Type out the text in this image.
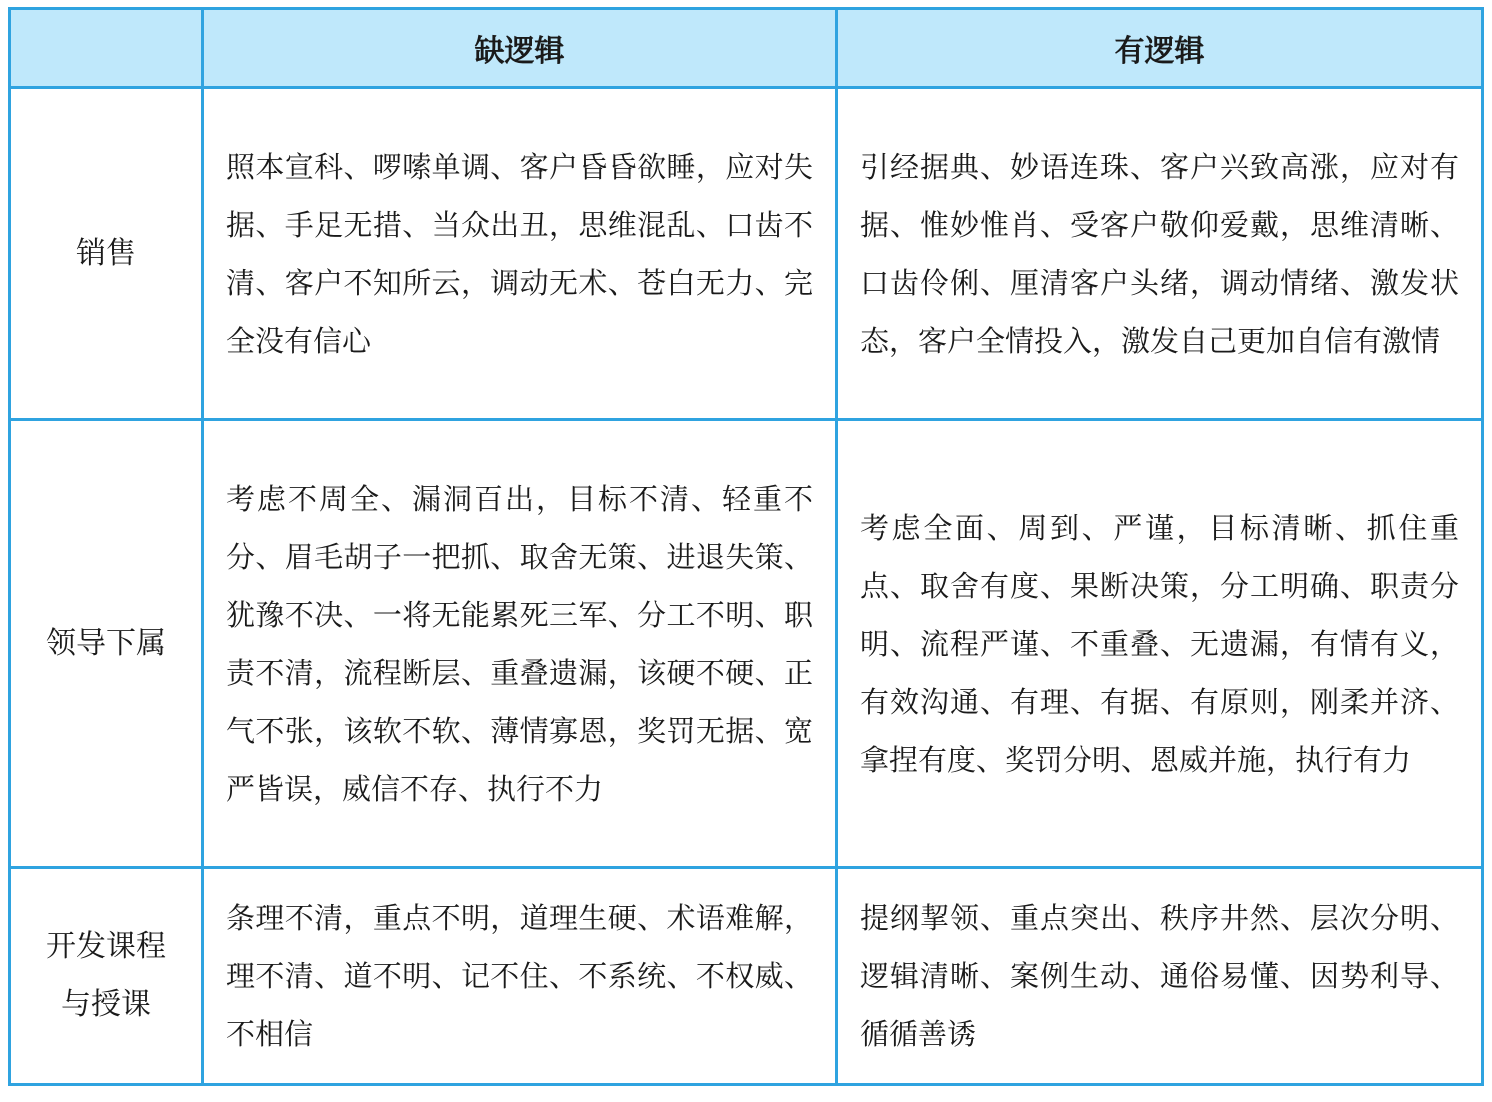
	缺逻辑	有逻辑
销售	照本宣科、啰嗦单调、客户昏昏欲睡，应对失据、手足无措、当众出丑，思维混乱、口齿不清、客户不知所云，调动无术、苍白无力、完全没有信心	引经据典、妙语连珠、客户兴致高涨，应对有据、惟妙惟肖、受客户敬仰爱戴，思维清晰、口齿伶俐、厘清客户头绪，调动情绪、激发状态，客户全情投入，激发自己更加自信有激情
领导下属	考虑不周全、漏洞百出，目标不清、轻重不分、眉毛胡子一把抓、取舍无策、进退失策、犹豫不决、一将无能累死三军、分工不明、职责不清，流程断层、重叠遗漏，该硬不硬、正气不张，该软不软、薄情寡恩，奖罚无据、宽严皆误，威信不存、执行不力	考虑全面、周到、严谨，目标清晰、抓住重点、取舍有度、果断决策，分工明确、职责分明、流程严谨、不重叠、无遗漏，有情有义，有效沟通、有理、有据、有原则，刚柔并济、拿捏有度、奖罚分明、恩威并施，执行有力

开发课程
与授课	条理不清，重点不明，道理生硬、术语难解，理不清、道不明、记不住、不系统、不权威、不相信	提纲挈领、重点突出、秩序井然、层次分明、逻辑清晰、案例生动、通俗易懂、因势利导、循循善诱
